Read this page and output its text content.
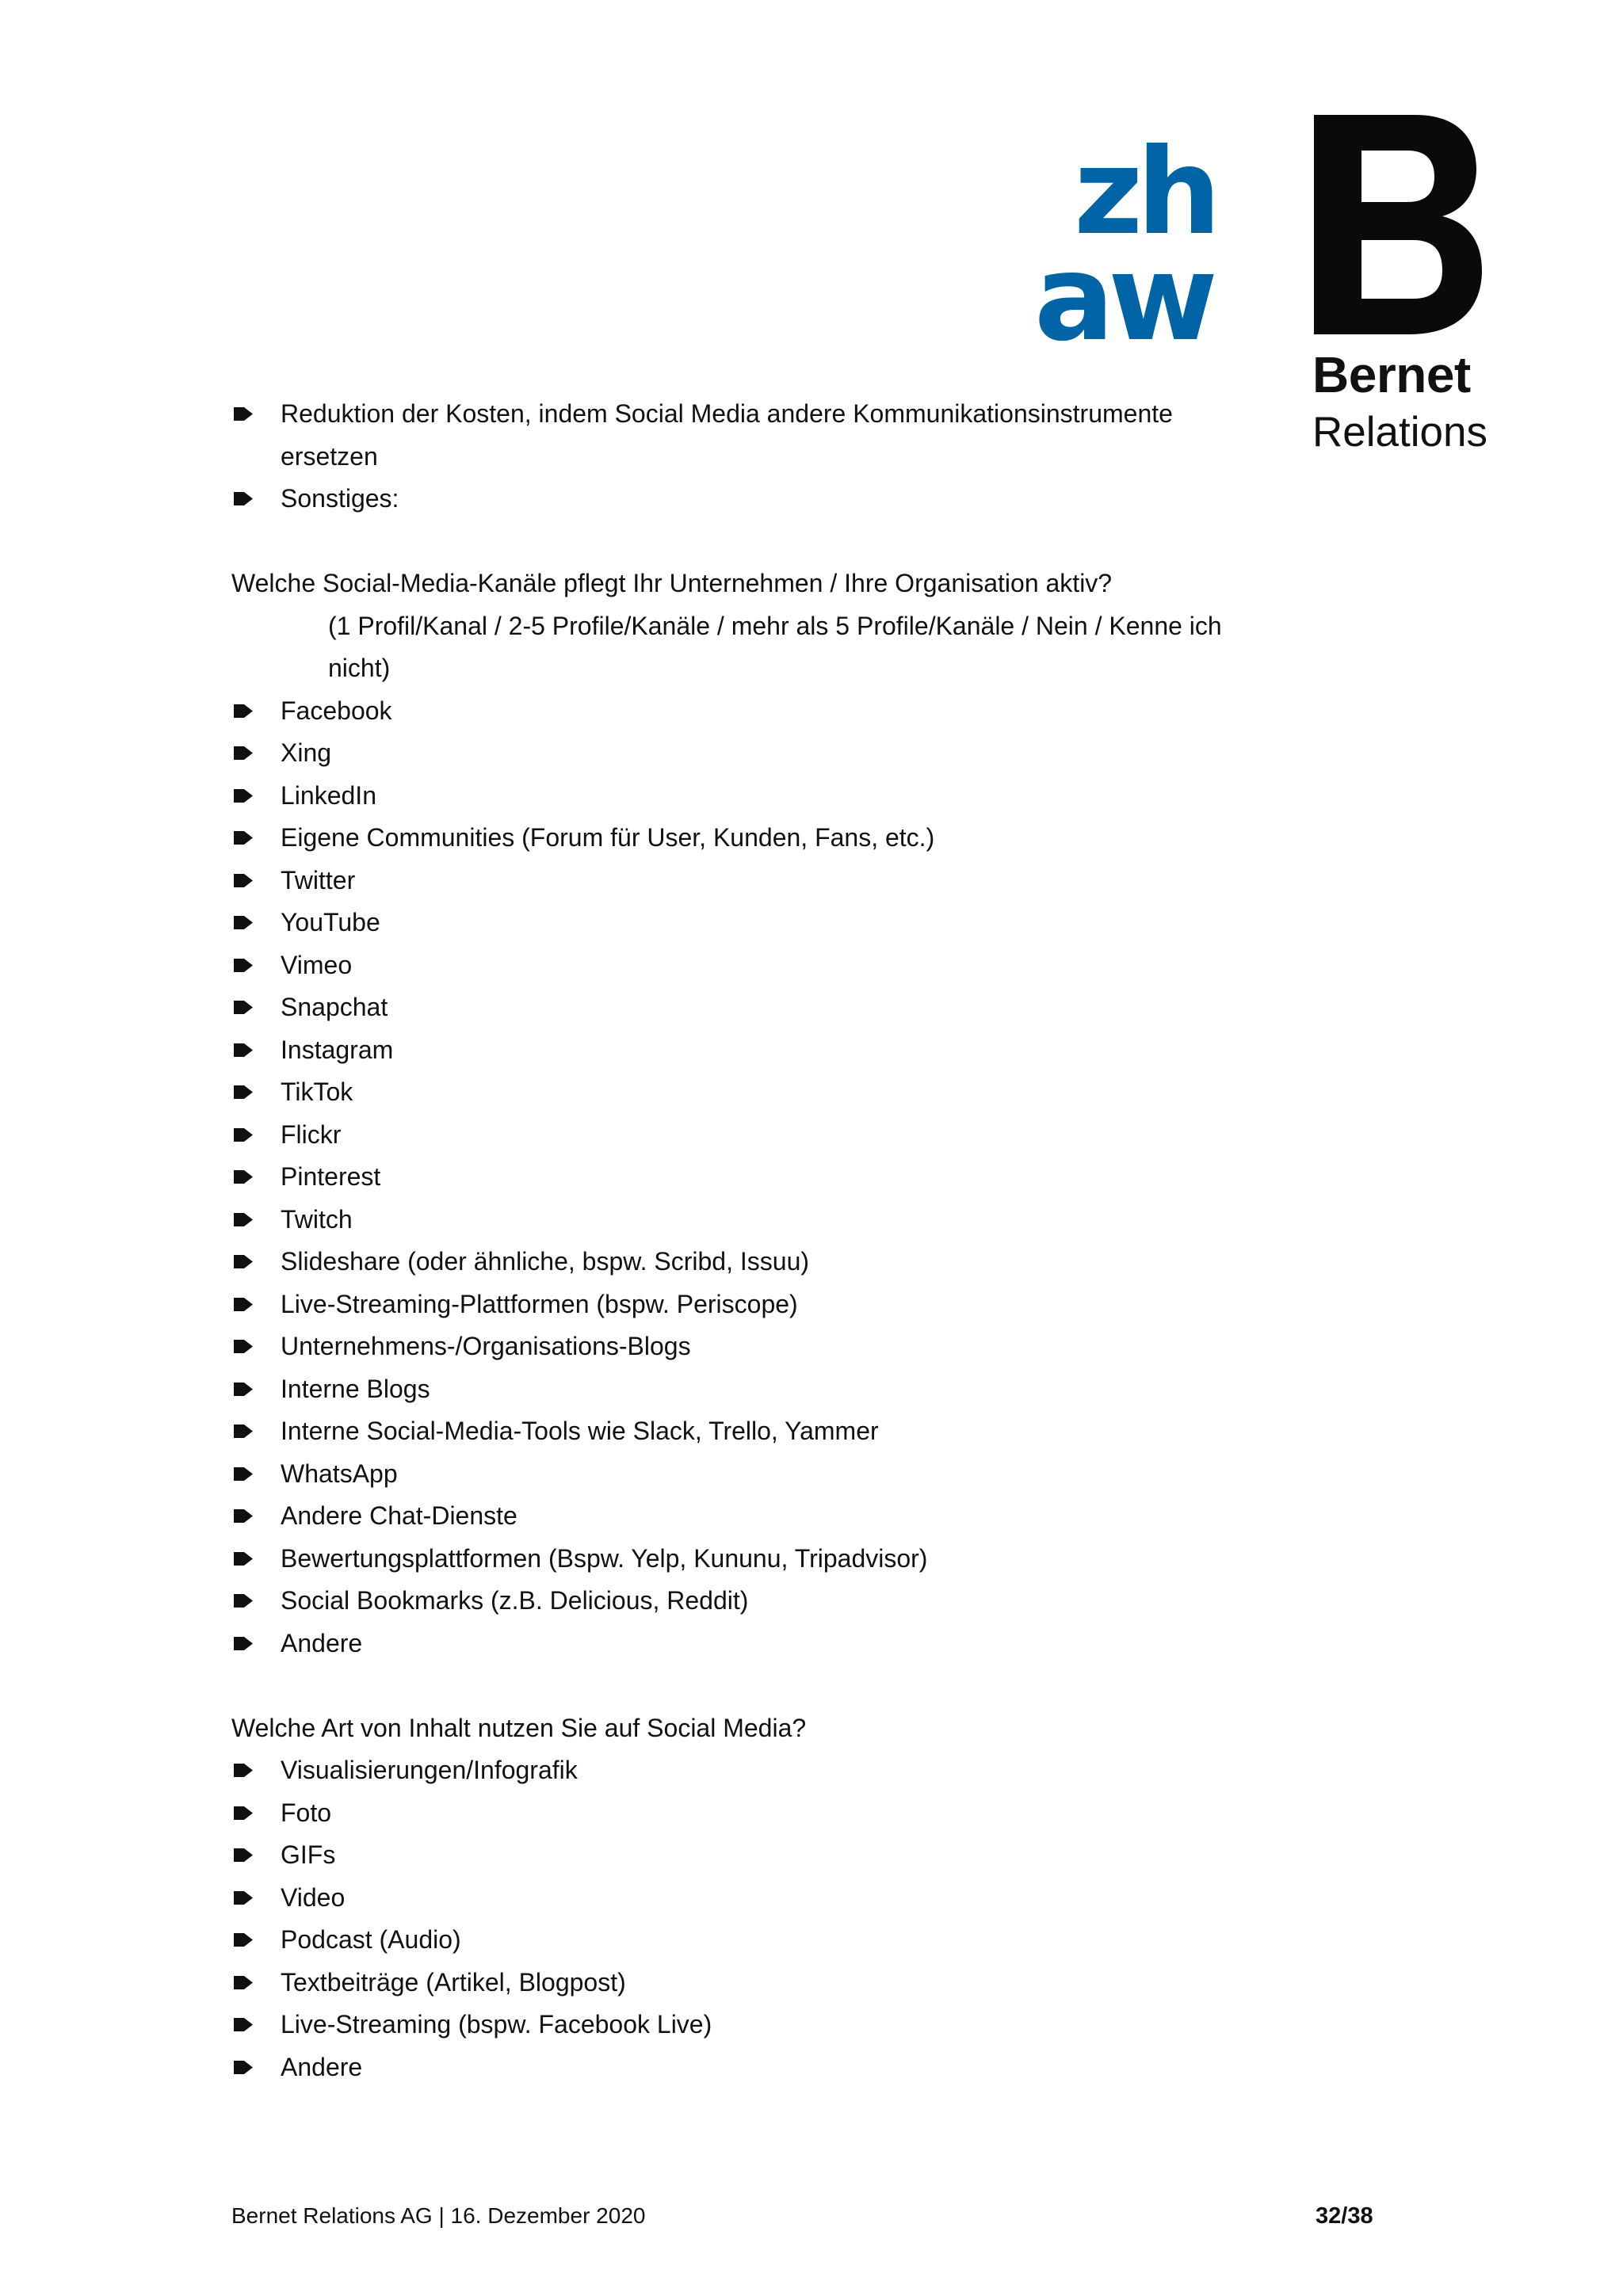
zh
aw
Bernet
Relations
Reduktion der Kosten, indem Social Media andere Kommunikationsinstrumente ersetzen
Sonstiges:

Welche Social-Media-Kanäle pflegt Ihr Unternehmen / Ihre Organisation aktiv?

(1 Profil/Kanal / 2-5 Profile/Kanäle / mehr als 5 Profile/Kanäle / Nein / Kenne ich nicht)
Facebook
Xing
LinkedIn
Eigene Communities (Forum für User, Kunden, Fans, etc.)
Twitter
YouTube
Vimeo
Snapchat
Instagram
TikTok
Flickr
Pinterest
Twitch
Slideshare (oder ähnliche, bspw. Scribd, Issuu)
Live-Streaming-Plattformen (bspw. Periscope)
Unternehmens-/Organisations-Blogs
Interne Blogs
Interne Social-Media-Tools wie Slack, Trello, Yammer
WhatsApp
Andere Chat-Dienste
Bewertungsplattformen (Bspw. Yelp, Kununu, Tripadvisor)
Social Bookmarks (z.B. Delicious, Reddit)
Andere

Welche Art von Inhalt nutzen Sie auf Social Media?

Visualisierungen/Infografik
Foto
GIFs
Video
Podcast (Audio)
Textbeiträge (Artikel, Blogpost)
Live-Streaming (bspw. Facebook Live)
Andere
Bernet Relations AG | 16. Dezember 2020	32/38
